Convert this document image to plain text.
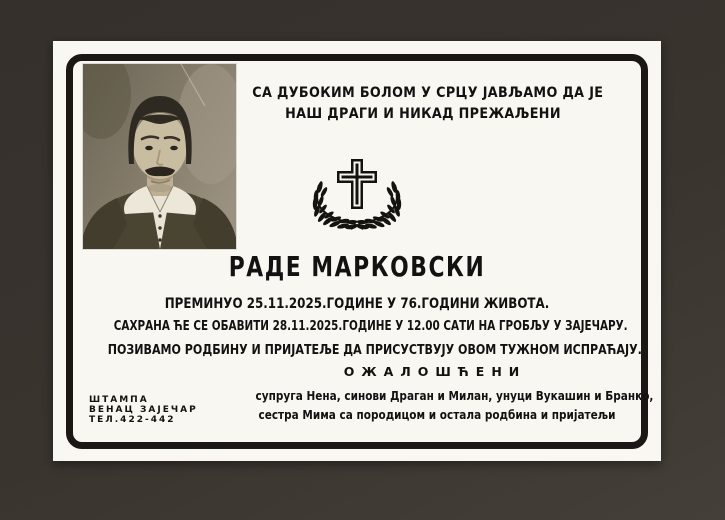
СА ДУБОКИМ БОЛОМ У СРЦУ ЈАВЉАМО ДА ЈЕ
НАШ ДРАГИ И НИКАД ПРЕЖАЉЕНИ
РАДЕ МАРКОВСКИ
ПРЕМИНУО 25.11.2025.ГОДИНЕ У 76.ГОДИНИ ЖИВОТА.
САХРАНА ЋЕ СЕ ОБАВИТИ 28.11.2025.ГОДИНЕ У 12.00 САТИ НА ГРОБЉУ У ЗАЈЕЧАРУ.
ПОЗИВАМО РОДБИНУ И ПРИЈАТЕЉЕ ДА ПРИСУСТВУЈУ ОВОМ ТУЖНОМ ИСПРАЋАЈУ.
ОЖАЛОШЋЕНИ
супруга Нена, синови Драган и Милан, унуци Вукашин и Бранко,
сестра Мима са породицом и остала родбина и пријатељи
ШТАМПА
ВЕНАЦ ЗАЈЕЧАР
ТЕЛ.422-442
